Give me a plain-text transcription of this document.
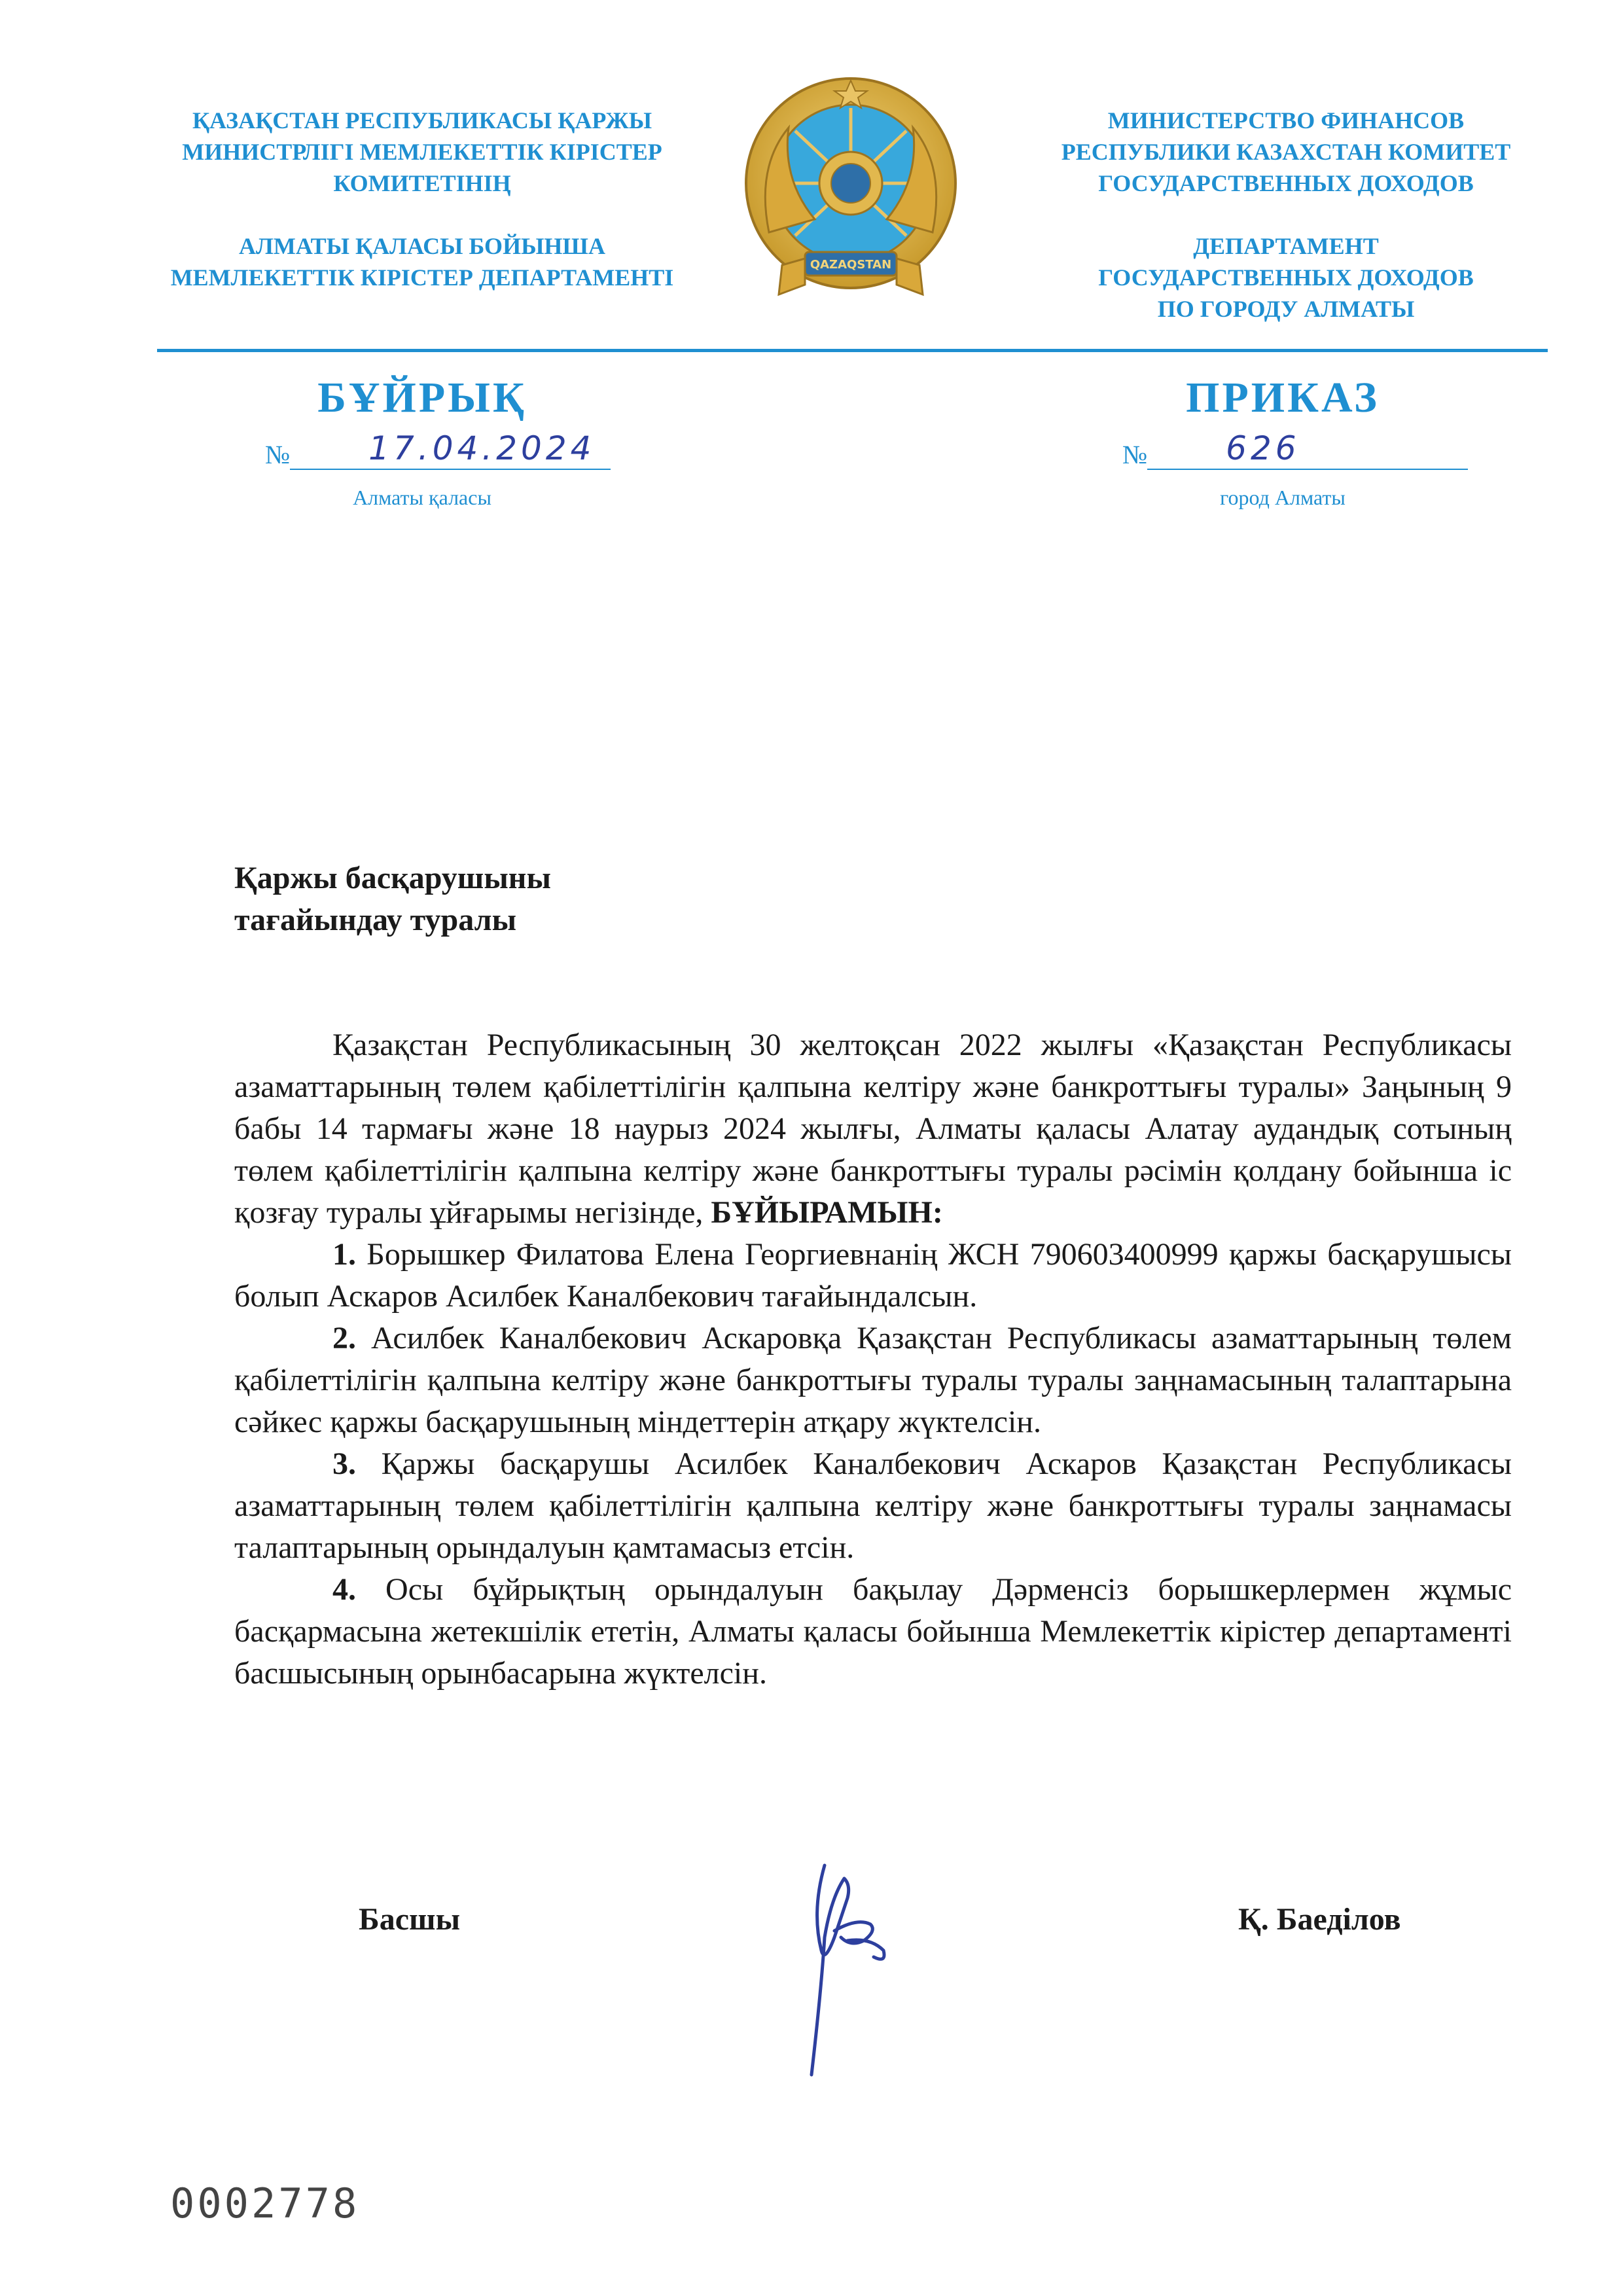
ҚАЗАҚСТАН РЕСПУБЛИКАСЫ ҚАРЖЫ
МИНИСТРЛІГІ МЕМЛЕКЕТТІК КІРІСТЕР
КОМИТЕТІНІҢ

АЛМАТЫ ҚАЛАСЫ БОЙЫНША
МЕМЛЕКЕТТІК КІРІСТЕР ДЕПАРТАМЕНТІ	QAZAQSTAN

МИНИСТЕРСТВО ФИНАНСОВ
РЕСПУБЛИКИ КАЗАХСТАН КОМИТЕТ
ГОСУДАРСТВЕННЫХ ДОХОДОВ

ДЕПАРТАМЕНТ
ГОСУДАРСТВЕННЫХ ДОХОДОВ
ПО ГОРОДУ АЛМАТЫ

БҰЙРЫҚ	ПРИКАЗ
№ 17.04.2024	№ 626
Алматы қаласы	город Алматы

Қаржы басқарушыны

тағайындау туралы

Қазақстан Республикасының 30 желтоқсан 2022 жылғы «Қазақстан Республикасы азаматтарының төлем қабілеттілігін қалпына келтіру және банкроттығы туралы» Заңының 9 бабы 14 тармағы және 18 наурыз 2024 жылғы, Алматы қаласы Алатау аудандық сотының төлем қабілеттілігін қалпына келтіру және банкроттығы туралы рәсімін қолдану бойынша іс қозғау туралы ұйғарымы негізінде, БҰЙЫРАМЫН:

1. Борышкер Филатова Елена Георгиевнанің ЖСН 790603400999 қаржы басқарушысы болып Аскаров Асилбек Каналбекович тағайындалсын.

2. Асилбек Каналбекович Аскаровқа Қазақстан Республикасы азаматтарының төлем қабілеттілігін қалпына келтіру және банкроттығы туралы туралы заңнамасының талаптарына сәйкес қаржы басқарушының міндеттерін атқару жүктелсін.

3. Қаржы басқарушы Асилбек Каналбекович Аскаров Қазақстан Республикасы азаматтарының төлем қабілеттілігін қалпына келтіру және банкроттығы туралы заңнамасы талаптарының орындалуын қамтамасыз етсін.

4. Осы бұйрықтың орындалуын бақылау Дәрменсіз борышкерлермен жұмыс басқармасына жетекшілік ететін, Алматы қаласы бойынша Мемлекеттік кірістер департаменті басшысының орынбасарына жүктелсін.

Басшы	Қ. Баеділов
0002778
